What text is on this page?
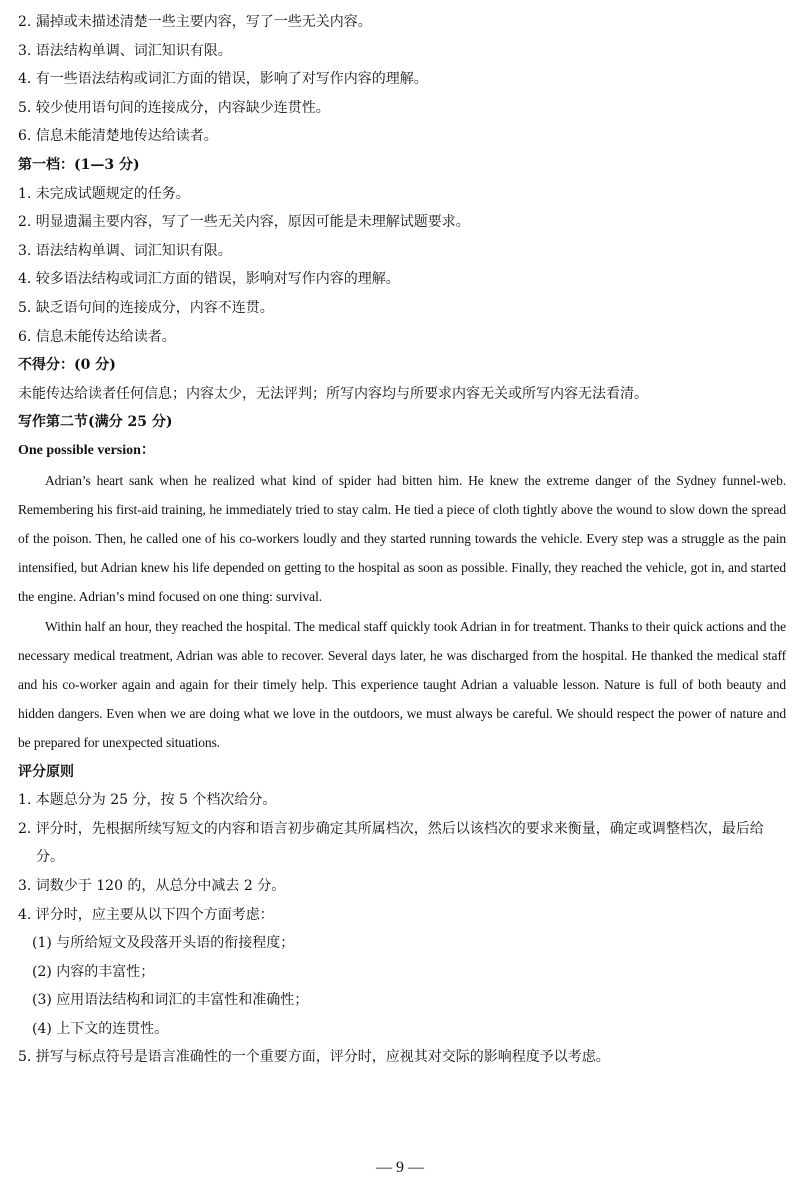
2. 漏掉或未描述清楚一些主要内容，写了一些无关内容。
3. 语法结构单调、词汇知识有限。
4. 有一些语法结构或词汇方面的错误，影响了对写作内容的理解。
5. 较少使用语句间的连接成分，内容缺少连贯性。
6. 信息未能清楚地传达给读者。
第一档：(1—3 分)
1. 未完成试题规定的任务。
2. 明显遗漏主要内容，写了一些无关内容，原因可能是未理解试题要求。
3. 语法结构单调、词汇知识有限。
4. 较多语法结构或词汇方面的错误，影响对写作内容的理解。
5. 缺乏语句间的连接成分，内容不连贯。
6. 信息未能传达给读者。
不得分：(0 分)
未能传达给读者任何信息；内容太少，无法评判；所写内容均与所要求内容无关或所写内容无法看清。
写作第二节(满分 25 分)
One possible version：

Adrian’s heart sank when he realized what kind of spider had bitten him. He knew the extreme danger of the Sydney funnel-web. Remembering his first-aid training, he immediately tried to stay calm. He tied a piece of cloth tightly above the wound to slow down the spread of the poison. Then, he called one of his co-workers loudly and they started running towards the vehicle. Every step was a struggle as the pain intensified, but Adrian knew his life depended on getting to the hospital as soon as possible. Finally, they reached the vehicle, got in, and started the engine. Adrian’s mind focused on one thing: survival.

Within half an hour, they reached the hospital. The medical staff quickly took Adrian in for treatment. Thanks to their quick actions and the necessary medical treatment, Adrian was able to recover. Several days later, he was discharged from the hospital. He thanked the medical staff and his co-worker again and again for their timely help. This experience taught Adrian a valuable lesson. Nature is full of both beauty and hidden dangers. Even when we are doing what we love in the outdoors, we must always be careful. We should respect the power of nature and be prepared for unexpected situations.

评分原则
1. 本题总分为 25 分，按 5 个档次给分。
2. 评分时，先根据所续写短文的内容和语言初步确定其所属档次，然后以该档次的要求来衡量，确定或调整档次，最后给分。
3. 词数少于 120 的，从总分中减去 2 分。
4. 评分时，应主要从以下四个方面考虑：
(1) 与所给短文及段落开头语的衔接程度；
(2) 内容的丰富性；
(3) 应用语法结构和词汇的丰富性和准确性；
(4) 上下文的连贯性。
5. 拼写与标点符号是语言准确性的一个重要方面，评分时，应视其对交际的影响程度予以考虑。
— 9 —
